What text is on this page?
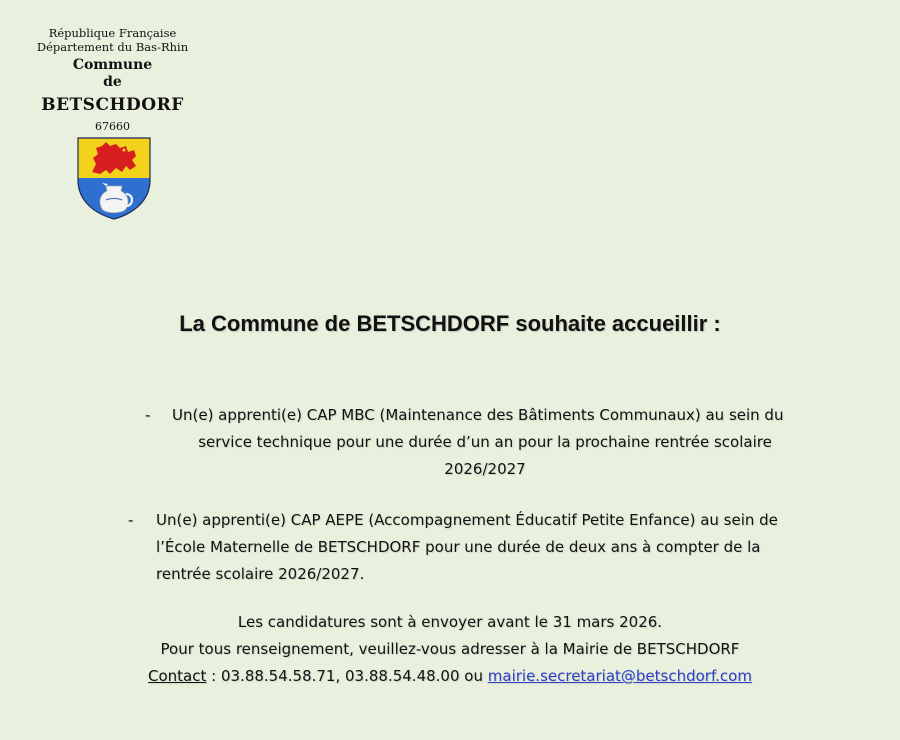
République Française
Département du Bas-Rhin
Commune
de
BETSCHDORF
67660
La Commune de BETSCHDORF souhaite accueillir :
-	Un(e) apprenti(e) CAP MBC (Maintenance des Bâtiments Communaux) au sein du
service technique pour une durée d’un an pour la prochaine rentrée scolaire
2026/2027
-	Un(e) apprenti(e) CAP AEPE (Accompagnement Éducatif Petite Enfance) au sein de
l’École Maternelle de BETSCHDORF pour une durée de deux ans à compter de la
rentrée scolaire 2026/2027.
Les candidatures sont à envoyer avant le 31 mars 2026.
Pour tous renseignement, veuillez-vous adresser à la Mairie de BETSCHDORF
Contact : 03.88.54.58.71, 03.88.54.48.00 ou mairie.secretariat@betschdorf.com
